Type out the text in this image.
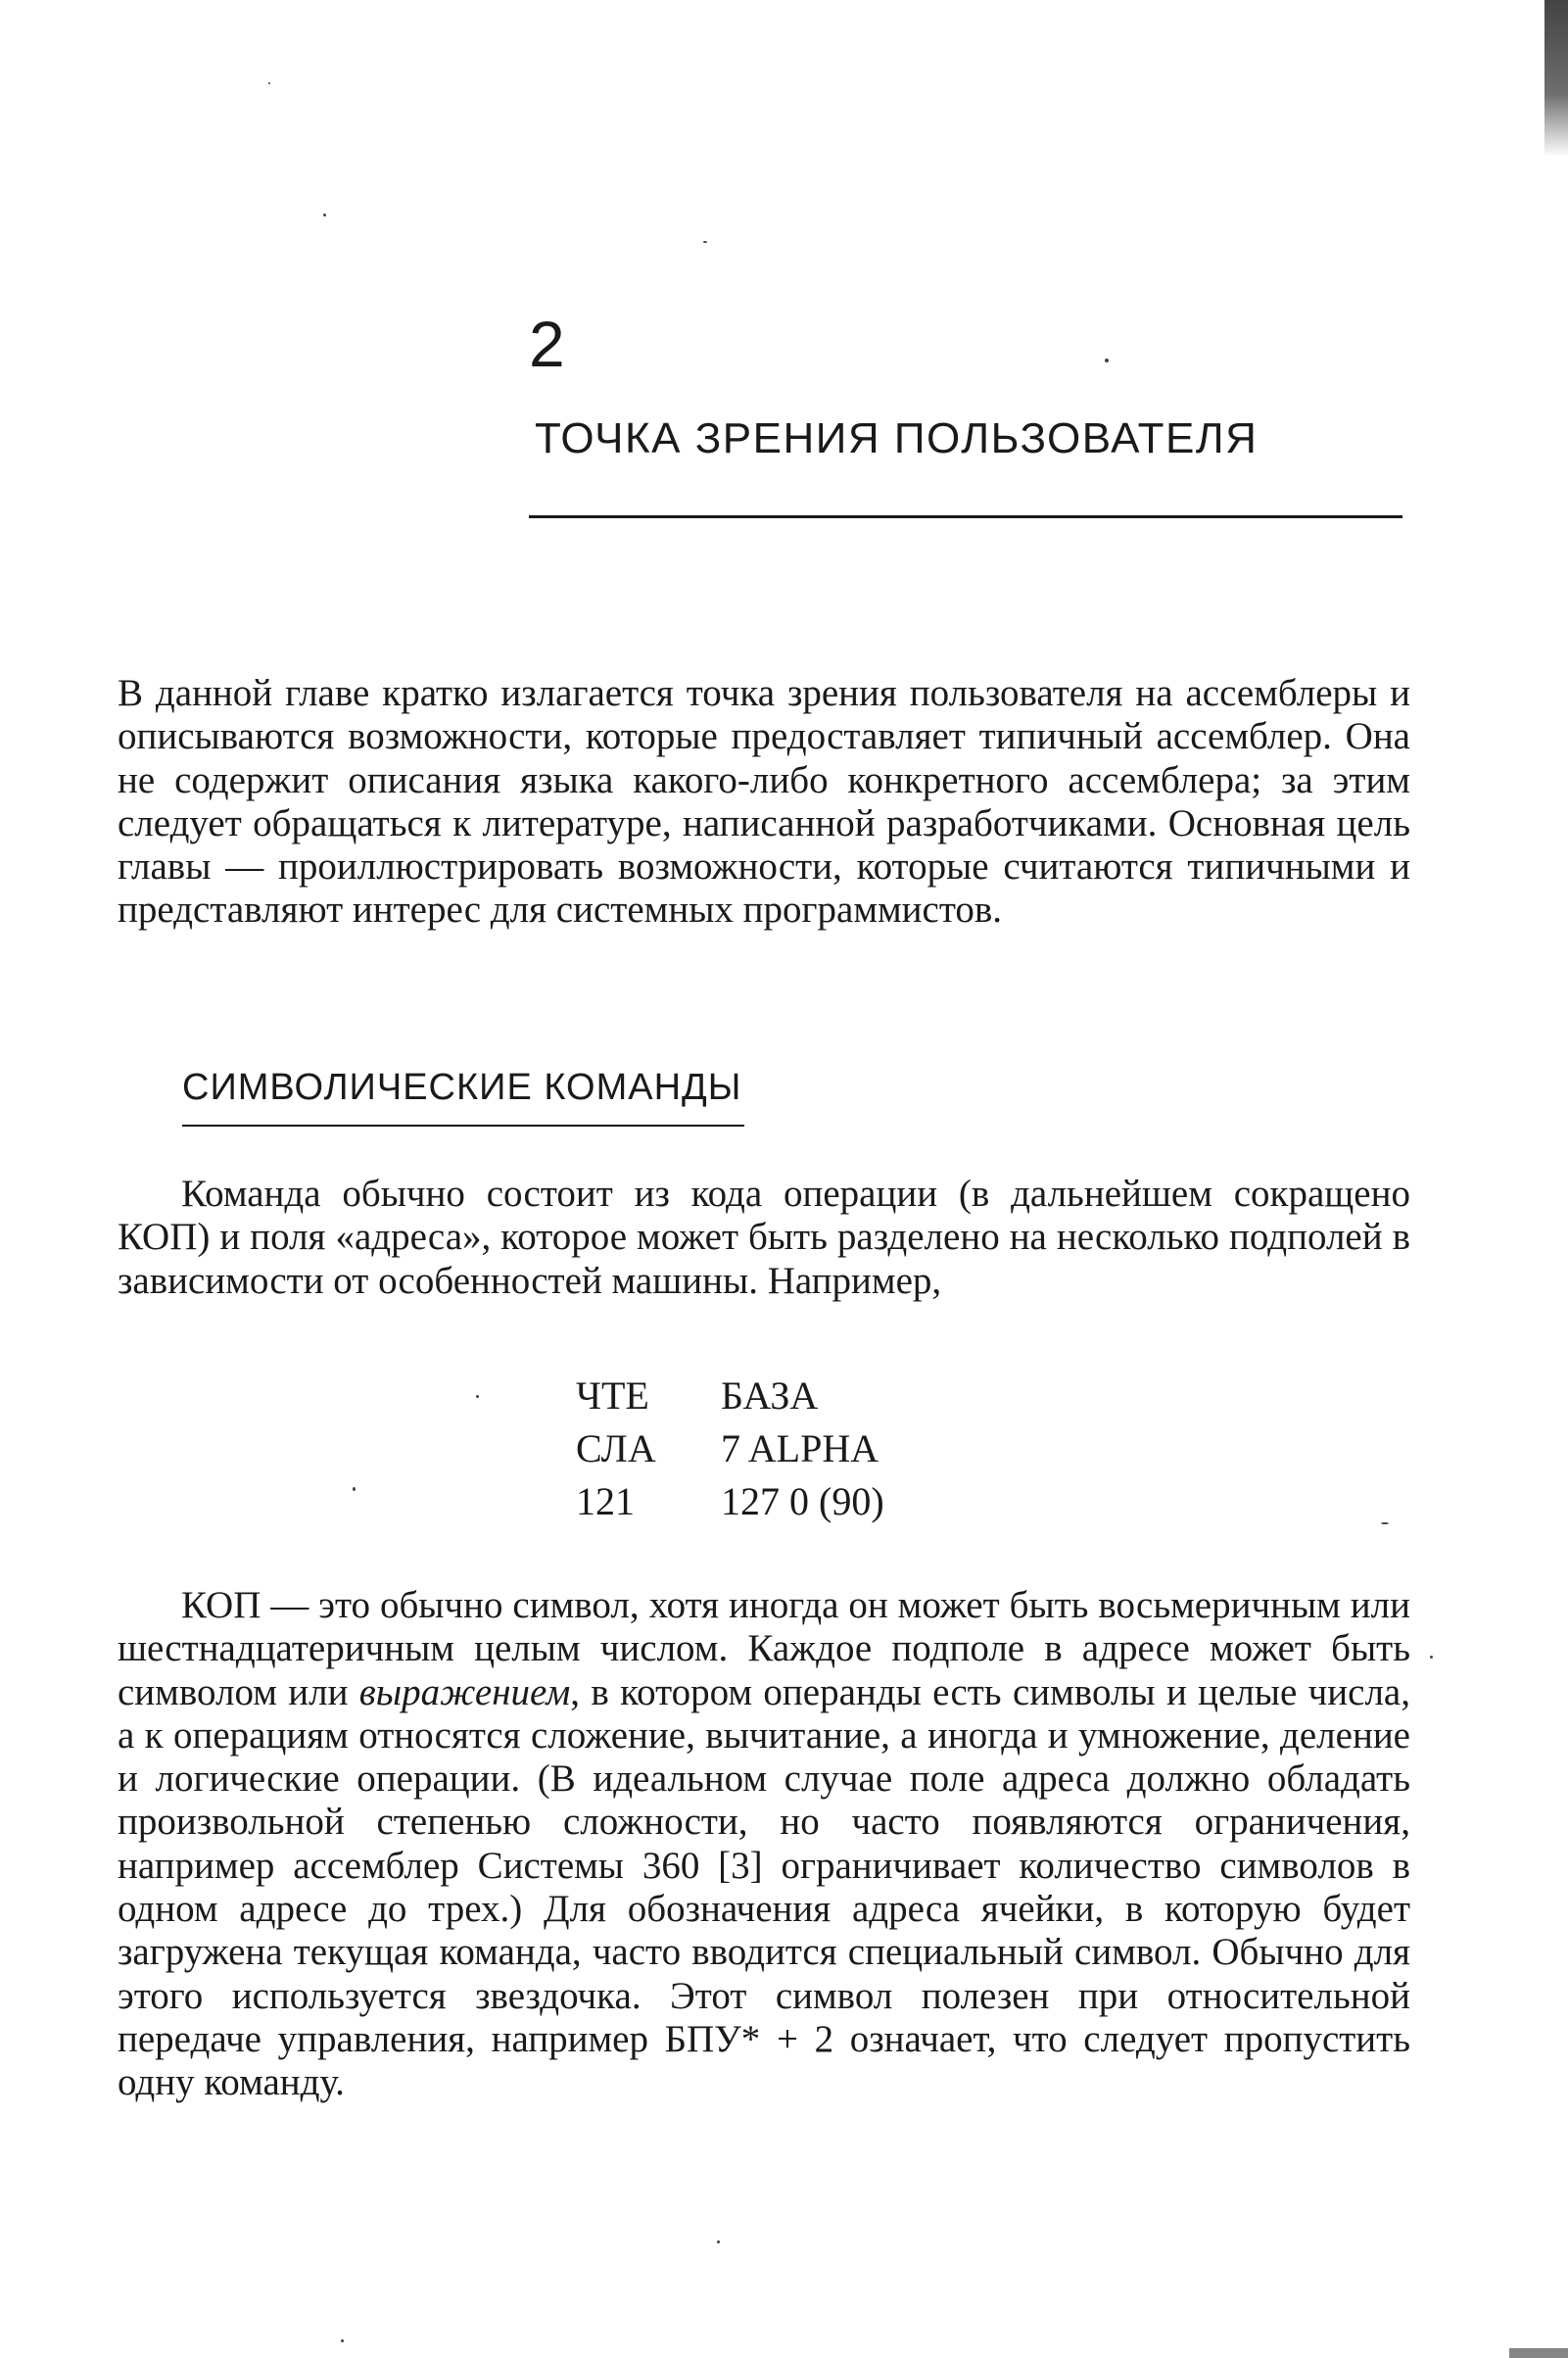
2
ТОЧКА ЗРЕНИЯ ПОЛЬЗОВАТЕЛЯ

В данной главе кратко излагается точка зрения пользователя на ассемблеры и описываются возможности, которые предоставляет типичный ассемблер. Она не содержит описания языка какого-либо конкретного ассемблера; за этим следует обращаться к литературе, написанной разработчиками. Основная цель главы — проиллюстрировать возможности, которые считаются типичными и представляют интерес для системных программистов.

СИМВОЛИЧЕСКИЕ КОМАНДЫ

Команда обычно состоит из кода операции (в дальнейшем сокращено КОП) и поля «адреса», которое может быть разделено на несколько подполей в зависимости от особенностей машины. Например,

ЧТЕ	БАЗА
СЛА	7 ALPHA
121	127 0 (90)

КОП — это обычно символ, хотя иногда он может быть восьмеричным или шестнадцатеричным целым числом. Каждое подполе в адресе может быть символом или выражением, в котором операнды есть символы и целые числа, а к операциям относятся сложение, вычитание, а иногда и умножение, деление и логические операции. (В идеальном случае поле адреса должно обладать произвольной степенью сложности, но часто появляются ограничения, например ассемблер Системы 360 [3] ограничивает количество символов в одном адресе до трех.) Для обозначения адреса ячейки, в которую будет загружена текущая команда, часто вводится специальный символ. Обычно для этого используется звездочка. Этот символ полезен при относительной передаче управления, например БПУ* + 2 означает, что следует пропустить одну команду.
